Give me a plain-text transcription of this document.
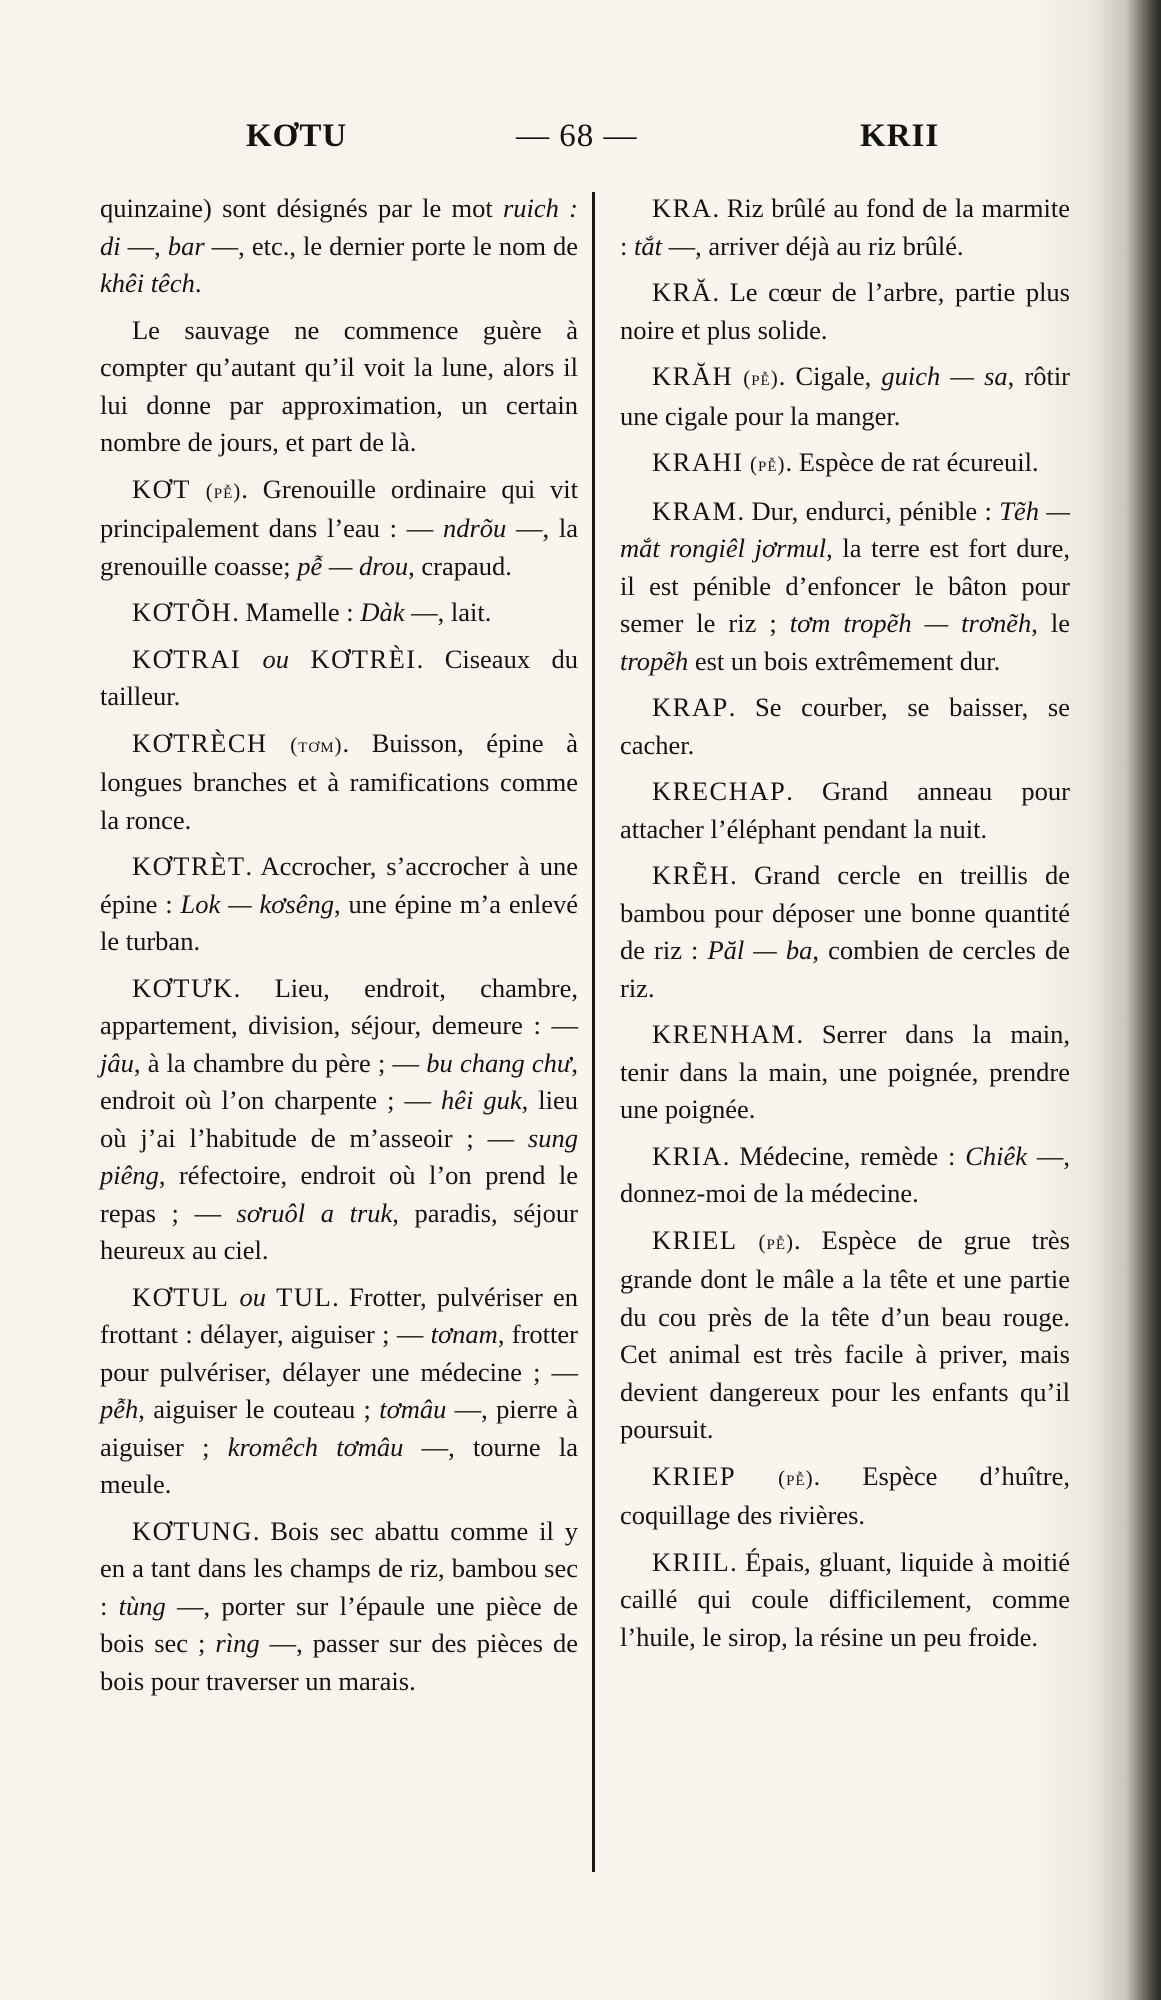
KƠTU	— 68 —	KRII

quinzaine) sont désignés par le mot ruich : di —, bar —, etc., le dernier porte le nom de khêi têch.

Le sauvage ne commence guère à compter qu’autant qu’il voit la lune, alors il lui donne par approximation, un certain nombre de jours, et part de là.

KƠT (pễ). Grenouille ordinaire qui vit principalement dans l’eau : — ndrõu —, la grenouille coasse; pễ — drou, crapaud.

KƠTÕH. Mamelle : Dàk —, lait.

KƠTRAI ou KƠTRÈI. Ciseaux du tailleur.

KƠTRÈCH (tơm). Buisson, épine à longues branches et à ramifications comme la ronce.

KƠTRÈT. Accrocher, s’accrocher à une épine : Lok — kơsêng, une épine m’a enlevé le turban.

KƠTƯK. Lieu, endroit, chambre, appartement, division, séjour, demeure : — jâu, à la chambre du père ; — bu chang chư, endroit où l’on charpente ; — hêi guk, lieu où j’ai l’habitude de m’asseoir ; — sung piêng, réfectoire, endroit où l’on prend le repas ; — sơruôl a truk, paradis, séjour heureux au ciel.

KƠTUL ou TUL. Frotter, pulvériser en frottant : délayer, aiguiser ; — tơnam, frotter pour pulvériser, délayer une médecine ; — pễh, aiguiser le couteau ; tơmâu —, pierre à aiguiser ; kromêch tơmâu —, tourne la meule.

KƠTUNG. Bois sec abattu comme il y en a tant dans les champs de riz, bambou sec : tùng —, porter sur l’épaule une pièce de bois sec ; rìng —, passer sur des pièces de bois pour traverser un marais.

KRA. Riz brûlé au fond de la marmite : tắt —, arriver déjà au riz brûlé.

KRĂ. Le cœur de l’arbre, partie plus noire et plus solide.

KRĂH (pễ). Cigale, guich — sa, rôtir une cigale pour la manger.

KRAHI (pễ). Espèce de rat écureuil.

KRAM. Dur, endurci, pénible : Tẽh — mắt rongiêl jơrmul, la terre est fort dure, il est pénible d’enfoncer le bâton pour semer le riz ; tơm tropẽh — trơnẽh, le tropẽh est un bois extrêmement dur.

KRAP. Se courber, se baisser, se cacher.

KRECHAP. Grand anneau pour attacher l’éléphant pendant la nuit.

KRẼH. Grand cercle en treillis de bambou pour déposer une bonne quantité de riz : Păl — ba, combien de cercles de riz.

KRENHAM. Serrer dans la main, tenir dans la main, une poignée, prendre une poignée.

KRIA. Médecine, remède : Chiêk —, donnez-moi de la médecine.

KRIEL (pễ). Espèce de grue très grande dont le mâle a la tête et une partie du cou près de la tête d’un beau rouge. Cet animal est très facile à priver, mais devient dangereux pour les enfants qu’il poursuit.

KRIEP (pễ). Espèce d’huître, coquillage des rivières.

KRIIL. Épais, gluant, liquide à moitié caillé qui coule difficilement, comme l’huile, le sirop, la résine un peu froide.
